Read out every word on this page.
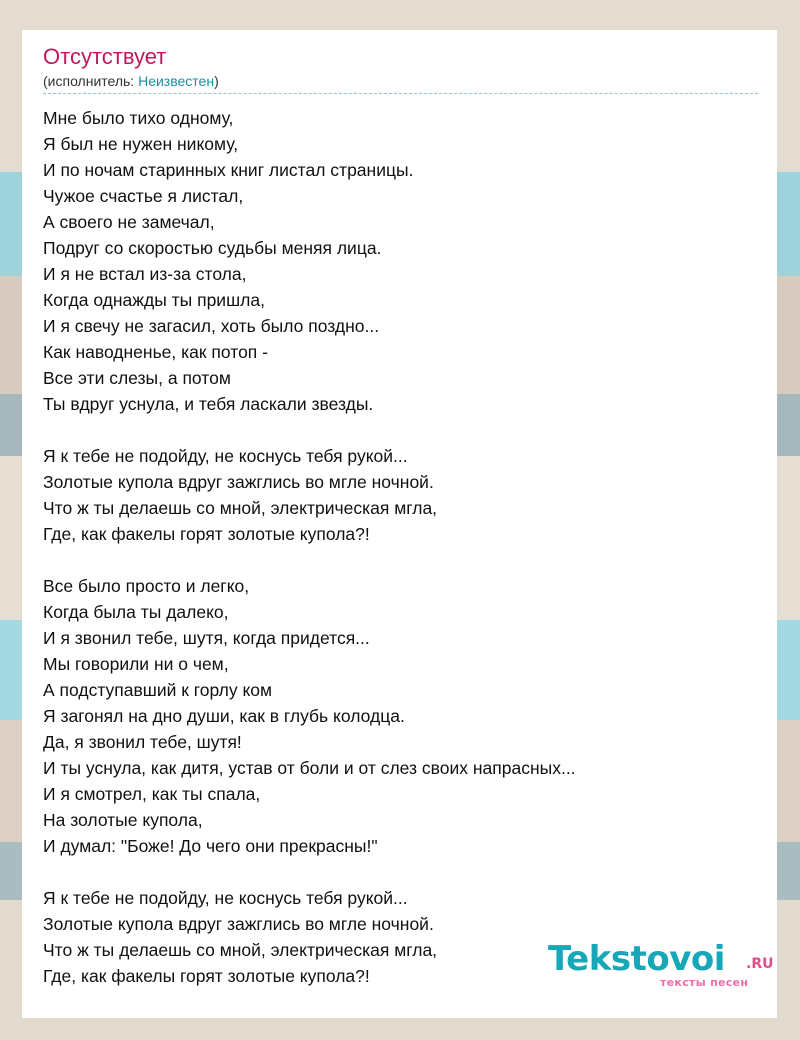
Отсутствует
(исполнитель: Неизвестен)
Мне было тихо одному,
Я был не нужен никому,
И по ночам старинных книг листал страницы.
Чужое счастье я листал,
А своего не замечал,
Подруг со скоростью судьбы меняя лица.
И я не встал из-за стола,
Когда однажды ты пришла,
И я свечу не загасил, хоть было поздно...
Как наводненье, как потоп -
Все эти слезы, а потом
Ты вдруг уснула, и тебя ласкали звезды.
Я к тебе не подойду, не коснусь тебя рукой...
Золотые купола вдруг зажглись во мгле ночной.
Что ж ты делаешь со мной, электрическая мгла,
Где, как факелы горят золотые купола?!
Все было просто и легко,
Когда была ты далеко,
И я звонил тебе, шутя, когда придется...
Мы говорили ни о чем,
А подступавший к горлу ком
Я загонял на дно души, как в глубь колодца.
Да, я звонил тебе, шутя!
И ты уснула, как дитя, устав от боли и от слез своих напрасных...
И я смотрел, как ты спала,
На золотые купола,
И думал: "Боже! До чего они прекрасны!"
Я к тебе не подойду, не коснусь тебя рукой...
Золотые купола вдруг зажглись во мгле ночной.
Что ж ты делаешь со мной, электрическая мгла,
Где, как факелы горят золотые купола?!	Tekstovoi	.RU
тексты песен
